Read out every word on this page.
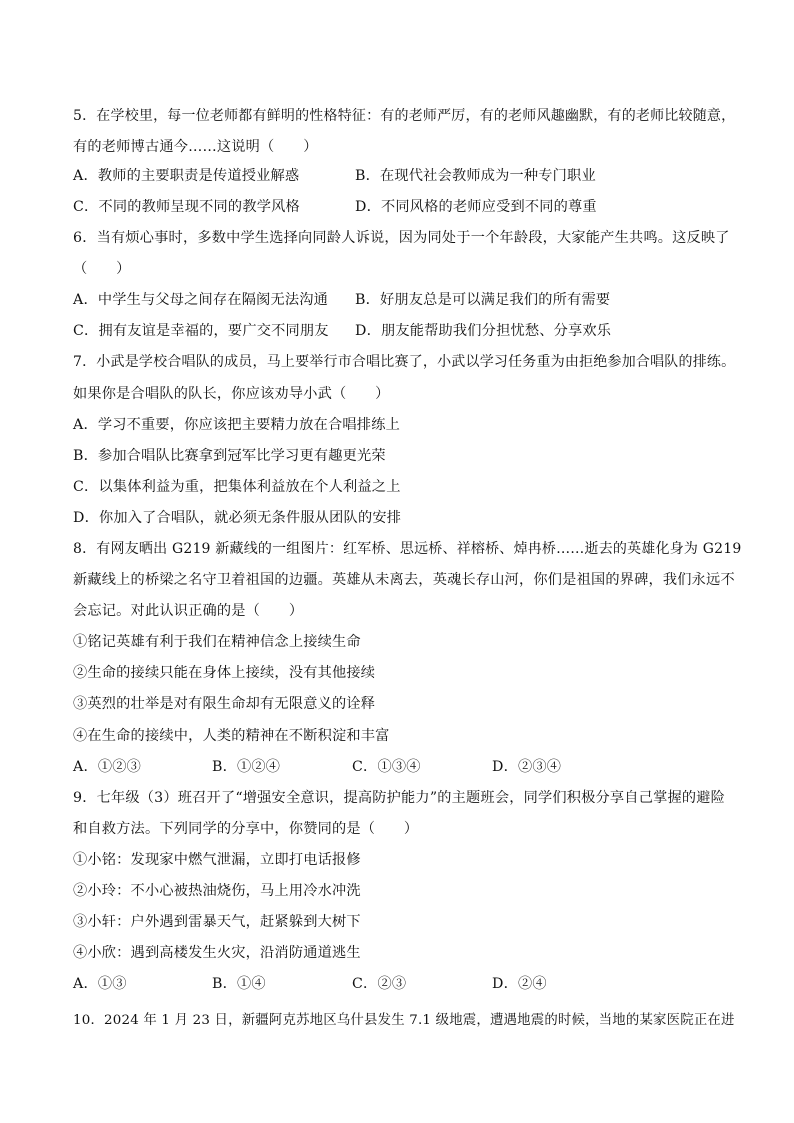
5．在学校里，每一位老师都有鲜明的性格特征：有的老师严厉，有的老师风趣幽默，有的老师比较随意，
有的老师博古通今……这说明（　　）
A．教师的主要职责是传道授业解惑	B．在现代社会教师成为一种专门职业
C．不同的教师呈现不同的教学风格	D．不同风格的老师应受到不同的尊重
6．当有烦心事时，多数中学生选择向同龄人诉说，因为同处于一个年龄段，大家能产生共鸣。这反映了
（　　）
A．中学生与父母之间存在隔阂无法沟通 B．好朋友总是可以满足我们的所有需要
C．拥有友谊是幸福的，要广交不同朋友 D．朋友能帮助我们分担忧愁、分享欢乐
7．小武是学校合唱队的成员，马上要举行市合唱比赛了，小武以学习任务重为由拒绝参加合唱队的排练。
如果你是合唱队的队长，你应该劝导小武（　　）
A．学习不重要，你应该把主要精力放在合唱排练上
B．参加合唱队比赛拿到冠军比学习更有趣更光荣
C．以集体利益为重，把集体利益放在个人利益之上
D．你加入了合唱队，就必须无条件服从团队的安排
8．有网友晒出 G219 新藏线的一组图片：红军桥、思远桥、祥榕桥、焯冉桥……逝去的英雄化身为 G219
新藏线上的桥梁之名守卫着祖国的边疆。英雄从未离去，英魂长存山河，你们是祖国的界碑，我们永远不
会忘记。对此认识正确的是（　　）
①铭记英雄有利于我们在精神信念上接续生命
②生命的接续只能在身体上接续，没有其他接续
③英烈的壮举是对有限生命却有无限意义的诠释
④在生命的接续中，人类的精神在不断积淀和丰富
A．①②③	B．①②④	C．①③④	D．②③④
9．七年级（3）班召开了“增强安全意识，提高防护能力”的主题班会，同学们积极分享自己掌握的避险
和自救方法。下列同学的分享中，你赞同的是（　　）
①小铭：发现家中燃气泄漏，立即打电话报修
②小玲：不小心被热油烧伤，马上用冷水冲洗
③小轩：户外遇到雷暴天气，赶紧躲到大树下
④小欣：遇到高楼发生火灾，沿消防通道逃生
A．①③	B．①④	C．②③	D．②④
10．2024 年 1 月 23 日，新疆阿克苏地区乌什县发生 7.1 级地震，遭遇地震的时候，当地的某家医院正在进
